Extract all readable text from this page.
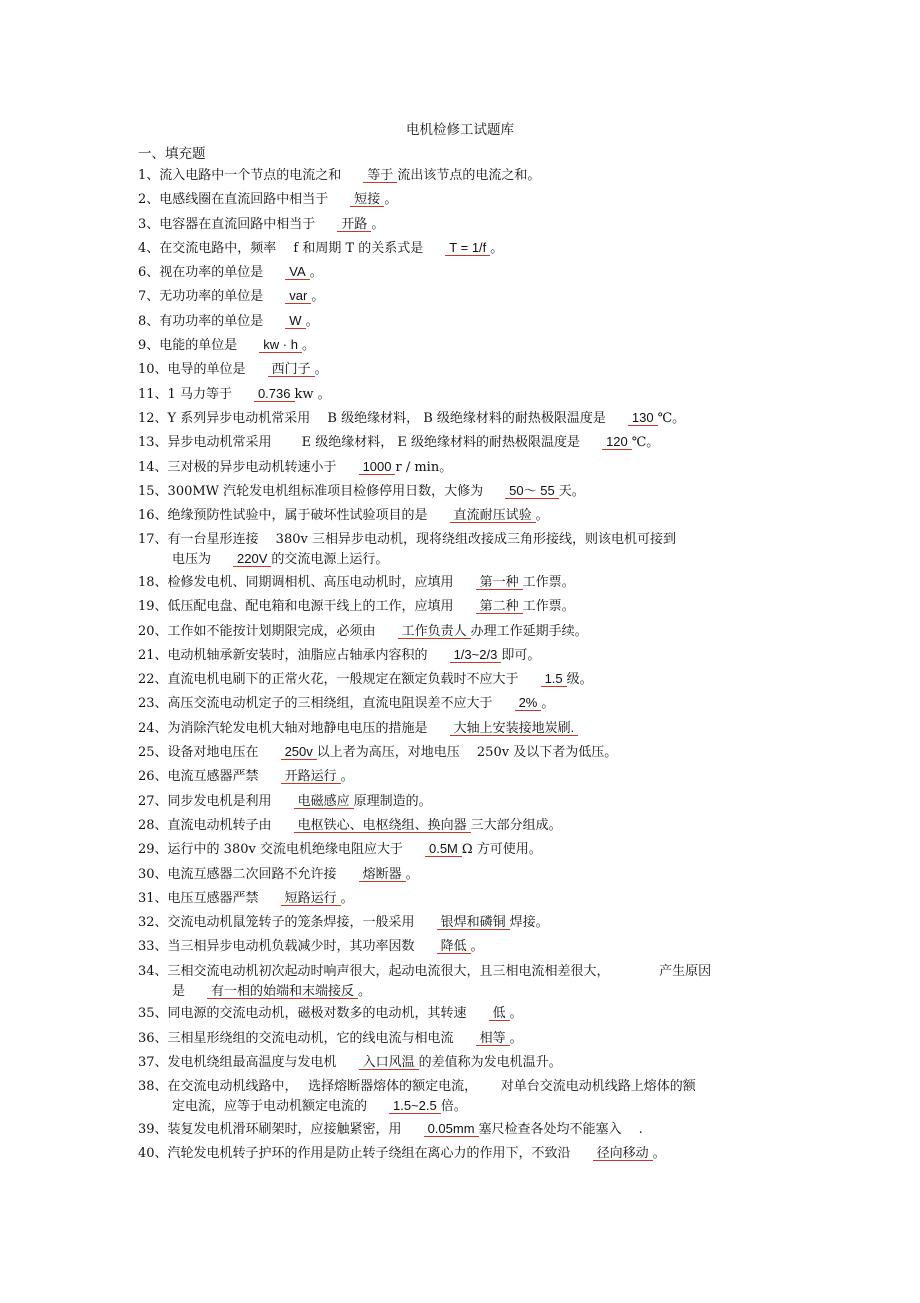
电机检修工试题库
一、填充题
1、流入电路中一个节点的电流之和 等于 流出该节点的电流之和。
2、电感线圈在直流回路中相当于 短接 。
3、电容器在直流回路中相当于 开路 。
4、在交流电路中，频率　 f 和周期 T 的关系式是 T = 1/f 。
6、视在功率的单位是 VA 。
7、无功功率的单位是 var 。
8、有功功率的单位是 W 。
9、电能的单位是 kw · h 。
10、电导的单位是 西门子 。
11、1 马力等于 0.736 kw 。
12、Y 系列异步电动机常采用　 B 级绝缘材料， B 级绝缘材料的耐热极限温度是 130 ℃。
13、异步电动机常采用　　 E 级绝缘材料， E 级绝缘材料的耐热极限温度是 120 ℃。
14、三对极的异步电动机转速小于 1000 r / min。
15、300MW 汽轮发电机组标准项目检修停用日数，大修为 50～ 55 天。
16、绝缘预防性试验中，属于破坏性试验项目的是 直流耐压试验 。
17、有一台星形连接　 380v 三相异步电动机，现将绕组改接成三角形接线，则该电机可接到
电压为 220V 的交流电源上运行。
18、检修发电机、同期调相机、高压电动机时，应填用 第一种 工作票。
19、低压配电盘、配电箱和电源干线上的工作，应填用 第二种 工作票。
20、工作如不能按计划期限完成，必须由 工作负责人 办理工作延期手续。
21、电动机轴承新安装时，油脂应占轴承内容积的 1/3~2/3 即可。
22、直流电机电刷下的正常火花，一般规定在额定负载时不应大于 1.5 级。
23、高压交流电动机定子的三相绕组，直流电阻误差不应大于 2% 。
24、为消除汽轮发电机大轴对地静电电压的措施是 大轴上安装接地炭刷.
25、设备对地电压在 250v 以上者为高压，对地电压　 250v 及以下者为低压。
26、电流互感器严禁 开路运行 。
27、同步发电机是利用 电磁感应 原理制造的。
28、直流电动机转子由 电枢铁心、电枢绕组、换向器 三大部分组成。
29、运行中的 380v 交流电机绝缘电阻应大于 0.5M Ω 方可使用。
30、电流互感器二次回路不允许接 熔断器 。
31、电压互感器严禁 短路运行 。
32、交流电动机鼠笼转子的笼条焊接，一般采用 银焊和磷铜 焊接。
33、当三相异步电动机负载减少时，其功率因数 降低 。
34、三相交流电动机初次起动时响声很大，起动电流很大，且三相电流相差很大，　　　　 产生原因
是 有一相的始端和末端接反 。
35、同电源的交流电动机，磁极对数多的电动机，其转速 低 。
36、三相星形绕组的交流电动机，它的线电流与相电流 相等 。
37、发电机绕组最高温度与发电机 入口风温 的差值称为发电机温升。
38、在交流电动机线路中，　 选择熔断器熔体的额定电流，　　 对单台交流电动机线路上熔体的额
定电流，应等于电动机额定电流的 1.5~2.5 倍。
39、装复发电机滑环刷架时，应接触紧密，用 0.05mm 塞尺检查各处均不能塞入　 .
40、汽轮发电机转子护环的作用是防止转子绕组在离心力的作用下，不致沿 径向移动 。
